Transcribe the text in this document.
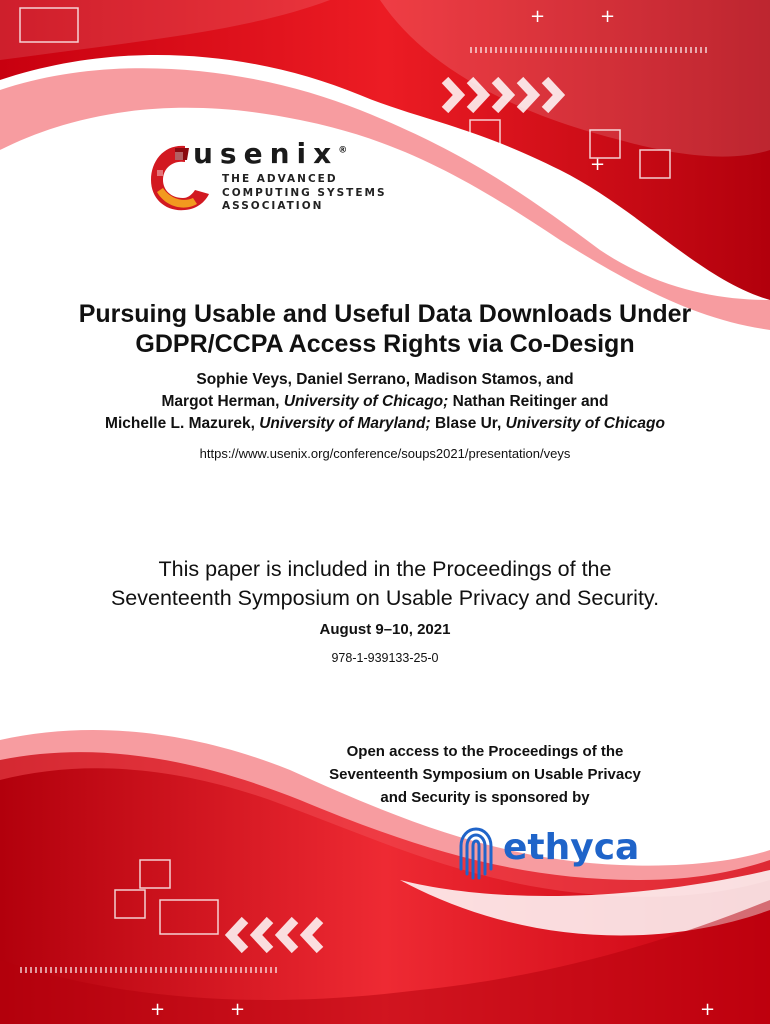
+
+
+
+	+	+
usenix®
THE ADVANCED
COMPUTING SYSTEMS
ASSOCIATION
Pursuing Usable and Useful Data Downloads Under
GDPR/CCPA Access Rights via Co-Design
Sophie Veys, Daniel Serrano, Madison Stamos, and
Margot Herman, University of Chicago; Nathan Reitinger and
Michelle L. Mazurek, University of Maryland; Blase Ur, University of Chicago
https://www.usenix.org/conference/soups2021/presentation/veys
This paper is included in the Proceedings of the
Seventeenth Symposium on Usable Privacy and Security.
August 9–10, 2021
978-1-939133-25-0
Open access to the Proceedings of the
Seventeenth Symposium on Usable Privacy
and Security is sponsored by
ethyca
